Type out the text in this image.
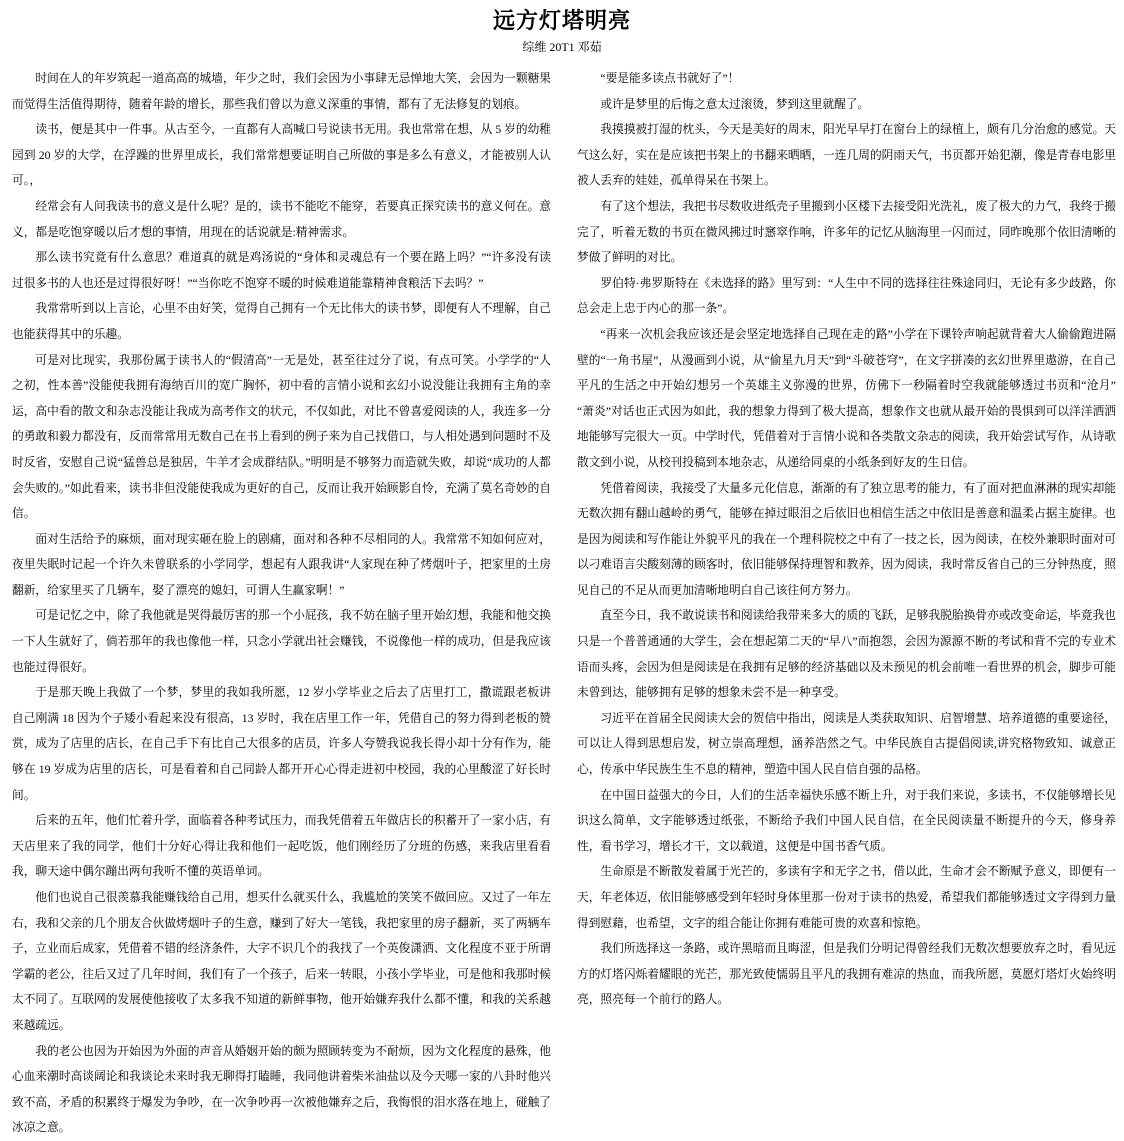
远方灯塔明亮
综维 20T1 邓茹

时间在人的年岁筑起一道高高的城墙，年少之时，我们会因为小事肆无忌惮地大笑，会因为一颗糖果而觉得生活值得期待，随着年龄的增长，那些我们曾以为意义深重的事情，都有了无法修复的划痕。

读书，便是其中一件事。从古至今，一直都有人高喊口号说读书无用。我也常常在想，从 5 岁的幼稚园到 20 岁的大学，在浮躁的世界里成长，我们常常想要证明自己所做的事是多么有意义，才能被别人认可。，

经常会有人问我读书的意义是什么呢？是的，读书不能吃不能穿，若要真正探究读书的意义何在。意义，都是吃饱穿暖以后才想的事情，用现在的话说就是:精神需求。

那么读书究竟有什么意思？难道真的就是鸡汤说的“身体和灵魂总有一个要在路上吗？”“许多没有读过很多书的人也还是过得很好呀！”“当你吃不饱穿不暖的时候难道能靠精神食粮活下去吗？”

我常常听到以上言论，心里不由好笑，觉得自己拥有一个无比伟大的读书梦，即便有人不理解，自己也能获得其中的乐趣。

可是对比现实，我那份属于读书人的“假清高”一无是处，甚至往过分了说，有点可笑。小学学的“人之初，性本善”没能使我拥有海纳百川的宽广胸怀，初中看的言情小说和玄幻小说没能让我拥有主角的幸运，高中看的散文和杂志没能让我成为高考作文的状元，不仅如此，对比不曾喜爱阅读的人，我连多一分的勇敢和毅力都没有，反而常常用无数自己在书上看到的例子来为自己找借口，与人相处遇到问题时不及时反省，安慰自己说“猛兽总是独居，牛羊才会成群结队。”明明是不够努力而造就失败，却说“成功的人都会失败的。”如此看来，读书非但没能使我成为更好的自己，反而让我开始顾影自怜，充满了莫名奇妙的自信。

面对生活给予的麻烦，面对现实砸在脸上的剧痛，面对和各种不尽相同的人。我常常不知如何应对，夜里失眠时记起一个许久未曾联系的小学同学，想起有人跟我讲“人家现在种了烤烟叶子，把家里的土房翻新，给家里买了几辆车，娶了漂亮的媳妇，可谓人生赢家啊！”

可是记忆之中，除了我他就是哭得最厉害的那一个小屁孩，我不妨在脑子里开始幻想，我能和他交换一下人生就好了，倘若那年的我也像他一样，只念小学就出社会赚钱，不说像他一样的成功，但是我应该也能过得很好。

于是那天晚上我做了一个梦，梦里的我如我所愿，12 岁小学毕业之后去了店里打工，撒谎跟老板讲自己刚满 18 因为个子矮小看起来没有很高，13 岁时，我在店里工作一年，凭借自己的努力得到老板的赞赏，成为了店里的店长，在自己手下有比自己大很多的店员，许多人夸赞我说我长得小却十分有作为，能够在 19 岁成为店里的店长，可是看着和自己同龄人都开开心心得走进初中校园，我的心里酸涩了好长时间。

后来的五年，他们忙着升学，面临着各种考试压力，而我凭借着五年做店长的积蓄开了一家小店，有天店里来了我的同学，他们十分好心得让我和他们一起吃饭，他们刚经历了分班的伤感，来我店里看看我，聊天途中偶尔蹦出两句我听不懂的英语单词。

他们也说自己很羡慕我能赚钱给自己用，想买什么就买什么，我尴尬的笑笑不做回应。又过了一年左右，我和父亲的几个朋友合伙做烤烟叶子的生意，赚到了好大一笔钱，我把家里的房子翻新，买了两辆车子，立业而后成家，凭借着不错的经济条件，大字不识几个的我找了一个英俊潇洒、文化程度不亚于所谓学霸的老公，往后又过了几年时间，我们有了一个孩子，后来一转眼，小孩小学毕业，可是他和我那时候太不同了。互联网的发展使他接收了太多我不知道的新鲜事物，他开始嫌弃我什么都不懂，和我的关系越来越疏远。

我的老公也因为开始因为外面的声音从婚姻开始的颇为照顾转变为不耐烦，因为文化程度的悬殊，他心血来潮时高谈阔论和我谈论未来时我无聊得打瞌睡，我同他讲着柴米油盐以及今天哪一家的八卦时他兴致不高，矛盾的积累终于爆发为争吵，在一次争吵再一次被他嫌弃之后，我悔恨的泪水落在地上，碰触了冰凉之意。

“要是能多读点书就好了”！

或许是梦里的后悔之意太过滚烫，梦到这里就醒了。

我摸摸被打湿的枕头，今天是美好的周末，阳光早早打在窗台上的绿植上，颇有几分治愈的感觉。天气这么好，实在是应该把书架上的书翻来晒晒，一连几周的阴雨天气，书页都开始犯潮，像是青春电影里被人丢弃的娃娃，孤单得呆在书架上。

有了这个想法，我把书尽数收进纸壳子里搬到小区楼下去接受阳光洗礼，废了极大的力气，我终于搬完了，听着无数的书页在微风拂过时窸窣作响，许多年的记忆从脑海里一闪而过，同昨晚那个依旧清晰的梦做了鲜明的对比。

罗伯特·弗罗斯特在《未选择的路》里写到：“人生中不同的选择往往殊途同归，无论有多少歧路，你总会走上忠于内心的那一条”。

“再来一次机会我应该还是会坚定地选择自己现在走的路”小学在下课铃声响起就背着大人偷偷跑进隔壁的“一角书屋”，从漫画到小说，从“偷星九月天”到“斗破苍穹”，在文字拼凑的玄幻世界里遨游，在自己平凡的生活之中开始幻想另一个英雄主义弥漫的世界，仿佛下一秒隔着时空我就能够透过书页和“沧月”“萧炎”对话也正式因为如此，我的想象力得到了极大提高，想象作文也就从最开始的畏惧到可以洋洋洒洒地能够写完很大一页。中学时代，凭借着对于言情小说和各类散文杂志的阅读，我开始尝试写作，从诗歌散文到小说，从校刊投稿到本地杂志，从递给同桌的小纸条到好友的生日信。

凭借着阅读，我接受了大量多元化信息，渐渐的有了独立思考的能力，有了面对把血淋淋的现实却能无数次拥有翻山越岭的勇气，能够在掉过眼泪之后依旧也相信生活之中依旧是善意和温柔占据主旋律。也是因为阅读和写作能让外貌平凡的我在一个理科院校之中有了一技之长，因为阅读，在校外兼职时面对可以刁难语言尖酸刻薄的顾客时，依旧能够保持理智和教养，因为阅读，我时常反省自己的三分钟热度，照见自己的不足从而更加清晰地明白自己该往何方努力。

直至今日，我不敢说读书和阅读给我带来多大的质的飞跃，足够我脱胎换骨亦或改变命运，毕竟我也只是一个普普通通的大学生，会在想起第二天的“早八”而抱怨，会因为源源不断的考试和背不完的专业术语而头疼，会因为但是阅读是在我拥有足够的经济基础以及未预见的机会前唯一看世界的机会，脚步可能未曾到达，能够拥有足够的想象未尝不是一种享受。

习近平在首届全民阅读大会的贺信中指出，阅读是人类获取知识、启智增慧、培养道德的重要途径，可以让人得到思想启发，树立崇高理想，涵养浩然之气。中华民族自古提倡阅读,讲究格物致知、诚意正心，传承中华民族生生不息的精神，塑造中国人民自信自强的品格。

在中国日益强大的今日，人们的生活幸福快乐感不断上升，对于我们来说，多读书，不仅能够增长见识这么简单，文字能够透过纸张，不断给予我们中国人民自信，在全民阅读量不断提升的今天，修身养性，看书学习，增长才干，文以载道，这便是中国书香气质。

生命原是不断散发着属于光芒的，多读有字和无字之书，借以此，生命才会不断赋予意义，即便有一天，年老体迈，依旧能够感受到年轻时身体里那一份对于读书的热爱，希望我们都能够透过文字得到力量得到慰藉，也希望，文字的组合能让你拥有难能可贵的欢喜和惊艳。

我们所选择这一条路，或许黑暗而且晦涩，但是我们分明记得曾经我们无数次想要放弃之时，看见远方的灯塔闪烁着耀眼的光芒，那光致使懦弱且平凡的我拥有难凉的热血，而我所愿，莫愿灯塔灯火始终明亮，照亮每一个前行的路人。
